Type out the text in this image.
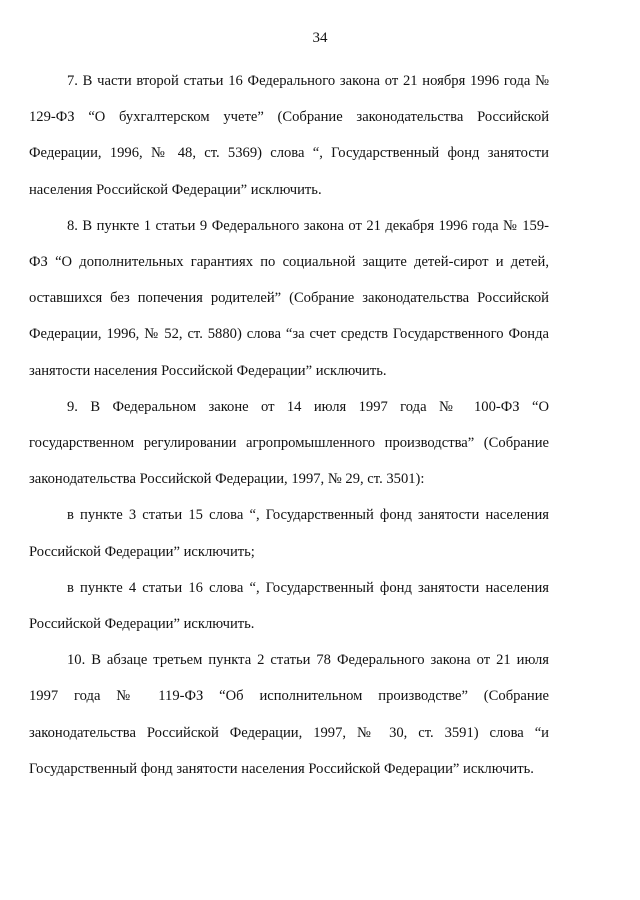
34

7. В части второй статьи 16 Федерального закона от 21 ноября 1996 года № 129-ФЗ “О бухгалтерском учете” (Собрание законодательства Российской Федерации, 1996, № 48, ст. 5369) слова “, Государственный фонд занятости населения Российской Федерации” исключить.

8. В пункте 1 статьи 9 Федерального закона от 21 декабря 1996 года № 159-ФЗ “О дополнительных гарантиях по социальной защите детей-сирот и детей, оставшихся без попечения родителей” (Собрание законодательства Российской Федерации, 1996, № 52, ст. 5880) слова “за счет средств Государственного Фонда занятости населения Российской Федерации” исключить.

9. В Федеральном законе от 14 июля 1997 года № 100-ФЗ “О государственном регулировании агропромышленного производства” (Собрание законодательства Российской Федерации, 1997, № 29, ст. 3501):

в пункте 3 статьи 15 слова “, Государственный фонд занятости населения Российской Федерации” исключить;

в пункте 4 статьи 16 слова “, Государственный фонд занятости населения Российской Федерации” исключить.

10. В абзаце третьем пункта 2 статьи 78 Федерального закона от 21 июля 1997 года № 119-ФЗ “Об исполнительном производстве” (Собрание законодательства Российской Федерации, 1997, № 30, ст. 3591) слова “и Государственный фонд занятости населения Российской Федерации” исключить.
